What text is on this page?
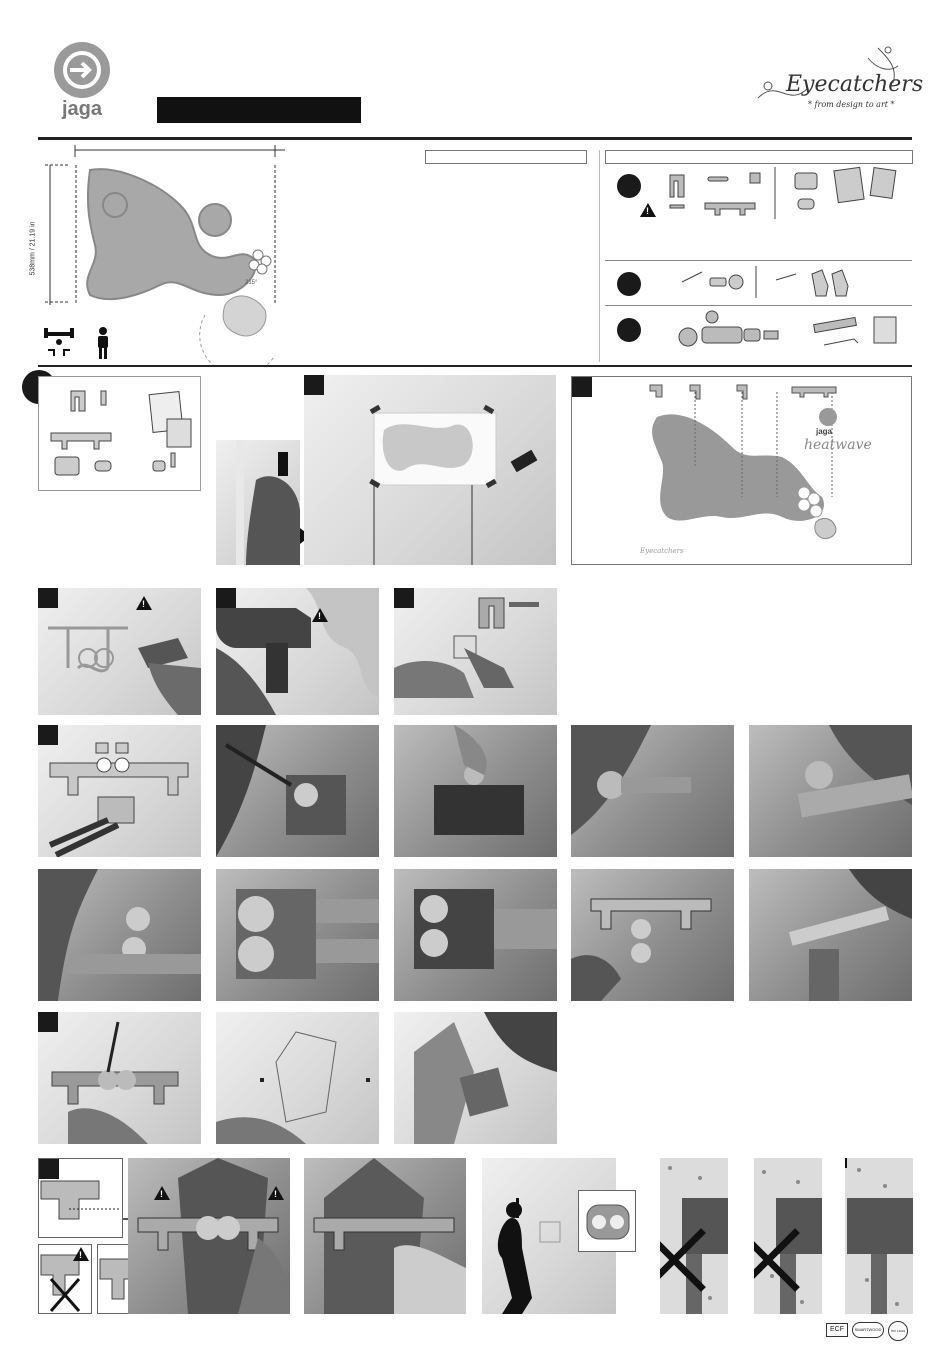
jaga
Eyecatchers
* from design to art *
538mm / 21.19 in
315°
!
jaga
heatwave
Eyecatchers
!
!
!
!
!
ECF	SMARTWOOD	ISO 14001
